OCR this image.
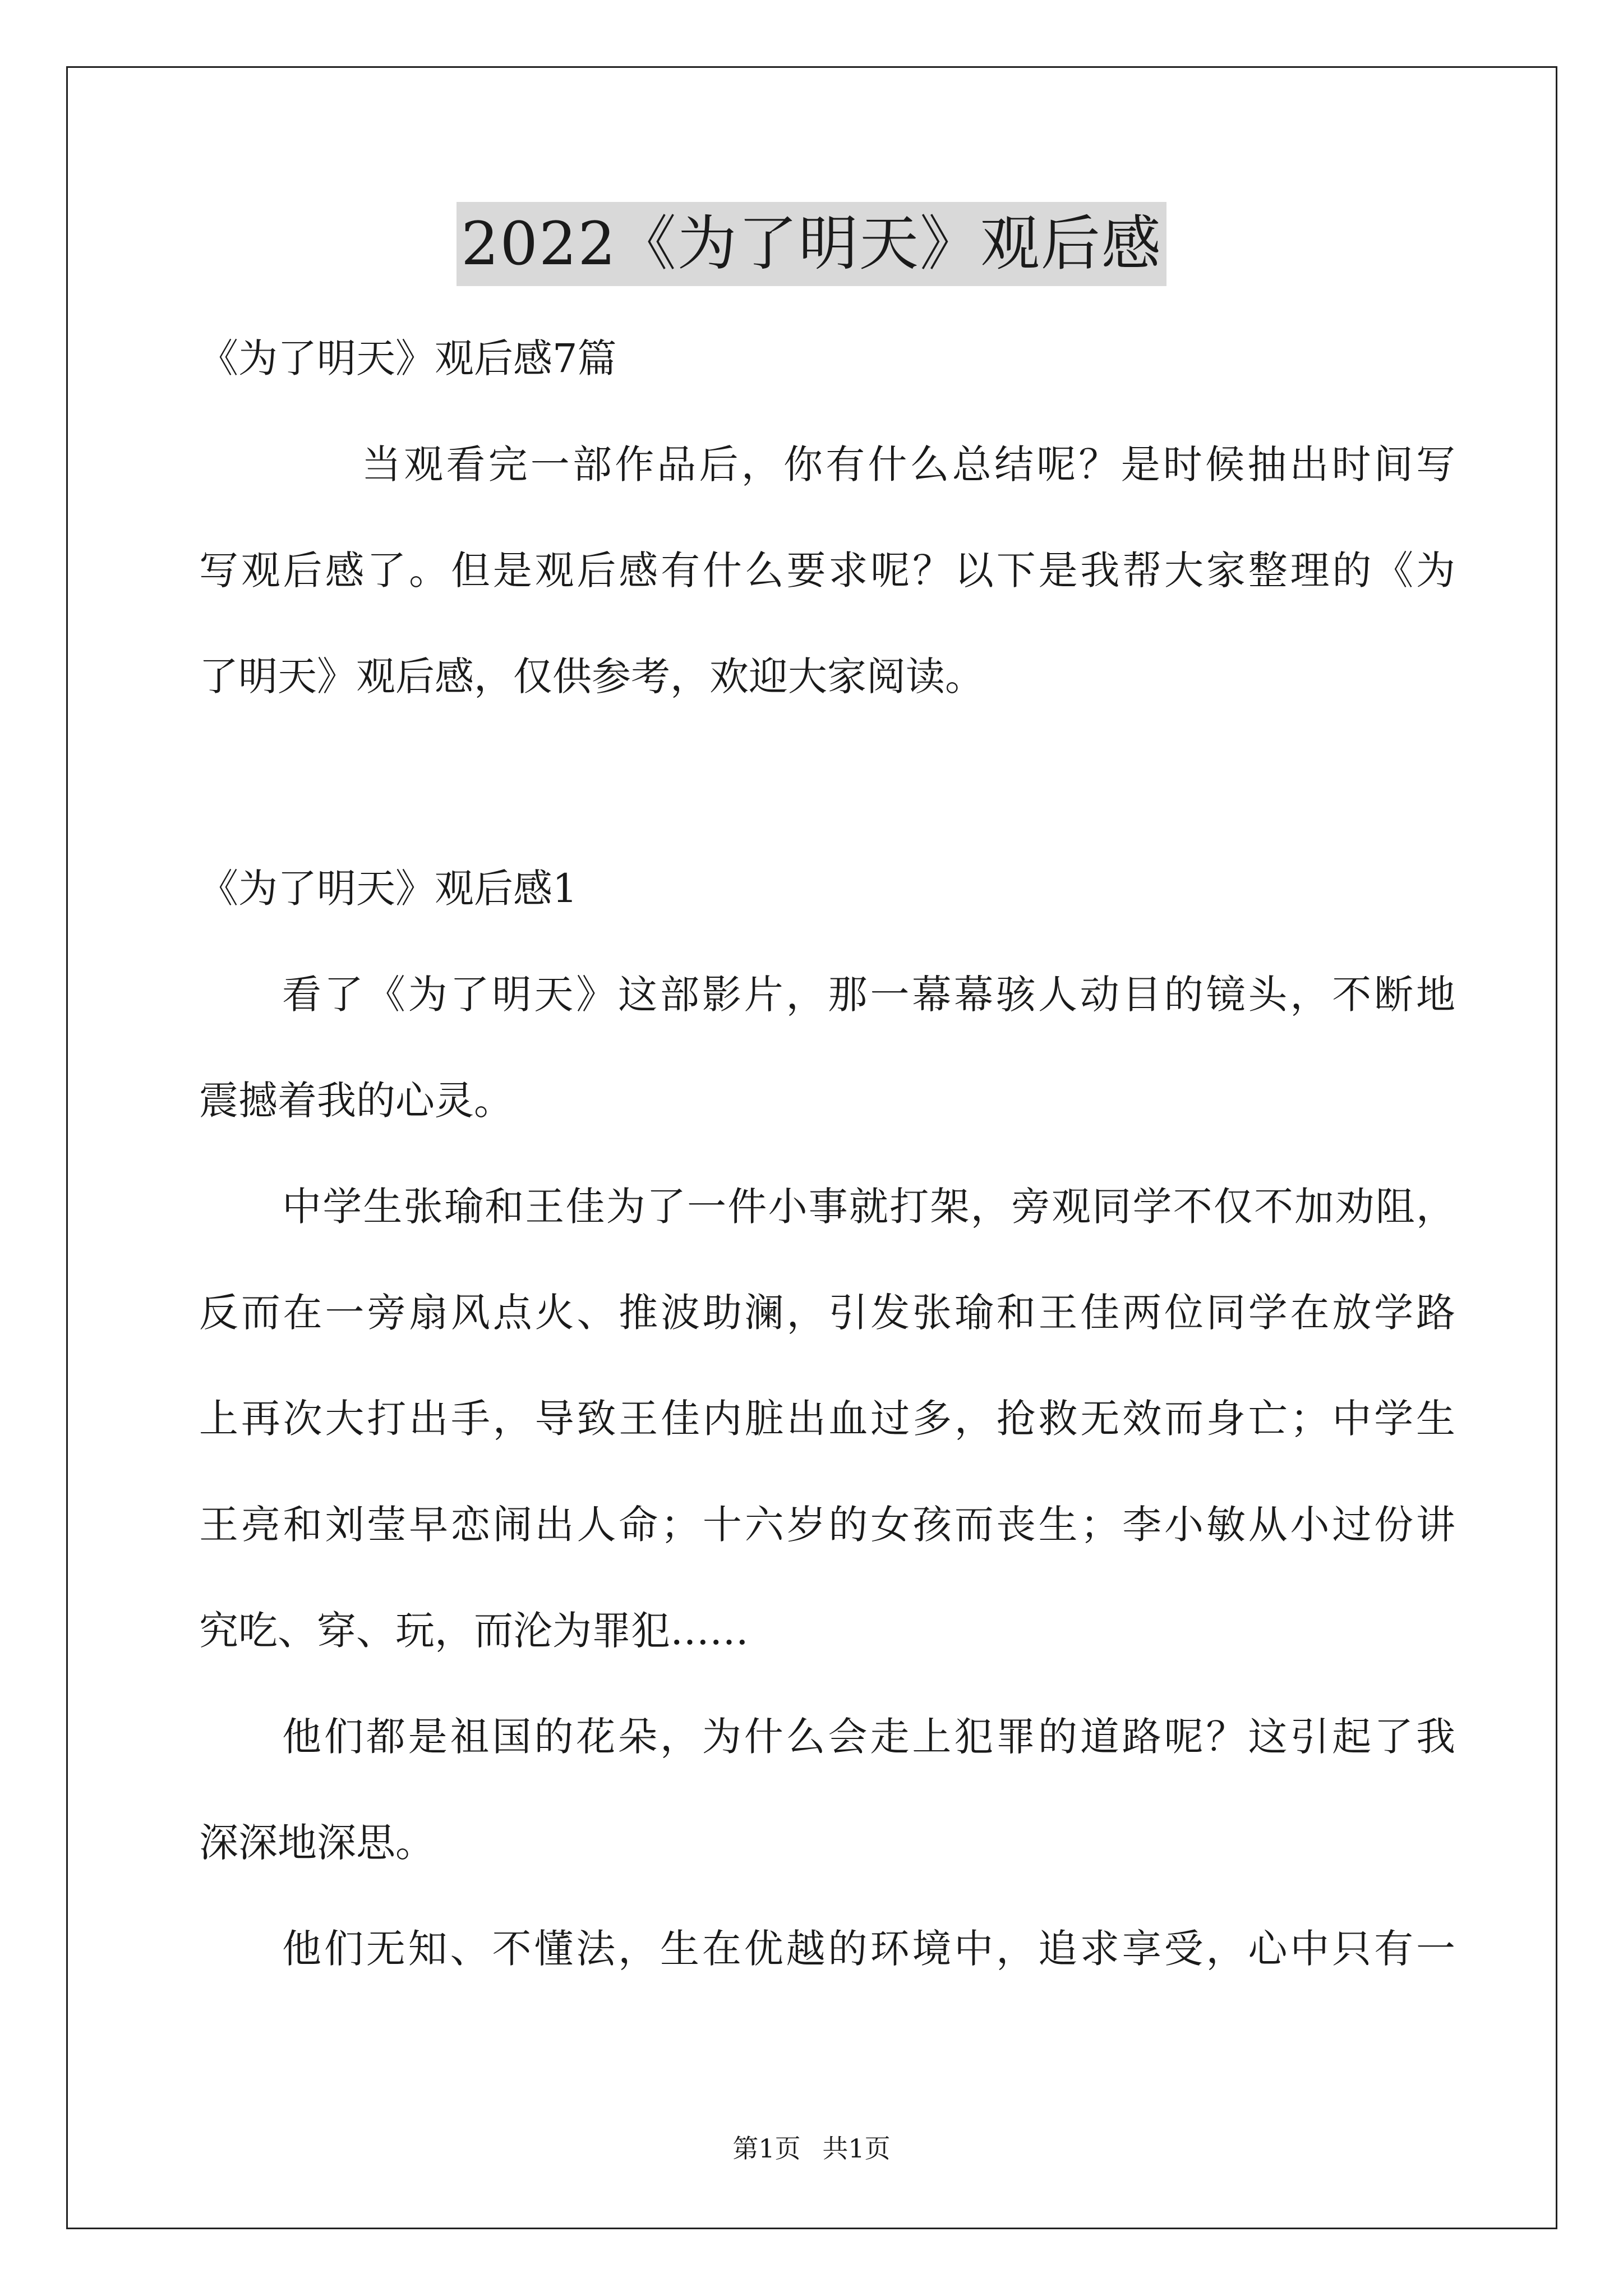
2022《为了明天》观后感
《为了明天》观后感7篇
当观看完一部作品后，你有什么总结呢？是时候抽出时间写
写观后感了。但是观后感有什么要求呢？以下是我帮大家整理的《为
了明天》观后感，仅供参考，欢迎大家阅读。
《为了明天》观后感1
看了《为了明天》这部影片，那一幕幕骇人动目的镜头，不断地
震撼着我的心灵。
中学生张瑜和王佳为了一件小事就打架，旁观同学不仅不加劝阻，
反而在一旁扇风点火、推波助澜，引发张瑜和王佳两位同学在放学路
上再次大打出手，导致王佳内脏出血过多，抢救无效而身亡；中学生
王亮和刘莹早恋闹出人命；十六岁的女孩而丧生；李小敏从小过份讲
究吃、穿、玩，而沦为罪犯……
他们都是祖国的花朵，为什么会走上犯罪的道路呢？这引起了我
深深地深思。
他们无知、不懂法，生在优越的环境中，追求享受，心中只有一
第1页 共1页
